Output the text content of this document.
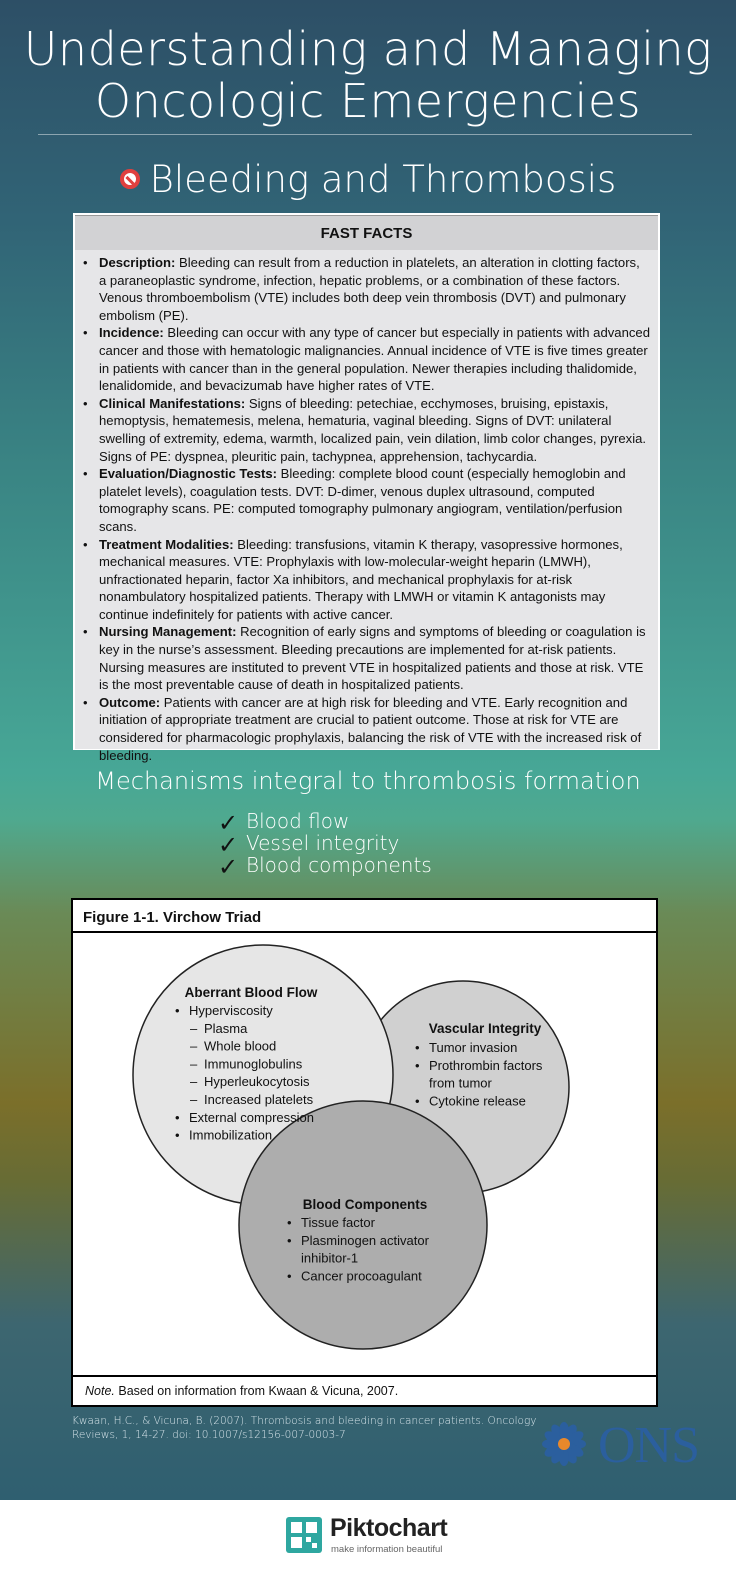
Understanding and Managing
Oncologic Emergencies
Bleeding and Thrombosis
FAST FACTS
• Description: Bleeding can result from a reduction in platelets, an alteration in clotting factors, a paraneoplastic syndrome, infection, hepatic problems, or a combination of these factors. Venous thromboembolism (VTE) includes both deep vein thrombosis (DVT) and pulmonary embolism (PE).
• Incidence: Bleeding can occur with any type of cancer but especially in patients with advanced cancer and those with hematologic malignancies. Annual incidence of VTE is five times greater in patients with cancer than in the general population. Newer therapies including thalidomide, lenalidomide, and bevacizumab have higher rates of VTE.
• Clinical Manifestations: Signs of bleeding: petechiae, ecchymoses, bruising, epistaxis, hemoptysis, hematemesis, melena, hematuria, vaginal bleeding. Signs of DVT: unilateral swelling of extremity, edema, warmth, localized pain, vein dilation, limb color changes, pyrexia. Signs of PE: dyspnea, pleuritic pain, tachypnea, apprehension, tachycardia.
• Evaluation/Diagnostic Tests: Bleeding: complete blood count (especially hemoglobin and platelet levels), coagulation tests. DVT: D-dimer, venous duplex ultrasound, computed tomography scans. PE: computed tomography pulmonary angiogram, ventilation/perfusion scans.
• Treatment Modalities: Bleeding: transfusions, vitamin K therapy, vasopressive hormones, mechanical measures. VTE: Prophylaxis with low-molecular-weight heparin (LMWH), unfractionated heparin, factor Xa inhibitors, and mechanical prophylaxis for at-risk nonambulatory hospitalized patients. Therapy with LMWH or vitamin K antagonists may continue indefinitely for patients with active cancer.
• Nursing Management: Recognition of early signs and symptoms of bleeding or coagulation is key in the nurse’s assessment. Bleeding precautions are implemented for at-risk patients. Nursing measures are instituted to prevent VTE in hospitalized patients and those at risk. VTE is the most preventable cause of death in hospitalized patients.
• Outcome: Patients with cancer are at high risk for bleeding and VTE. Early recognition and initiation of appropriate treatment are crucial to patient outcome. Those at risk for VTE are considered for pharmacologic prophylaxis, balancing the risk of VTE with the increased risk of bleeding.
Mechanisms integral to thrombosis formation
✓ Blood flow
✓ Vessel integrity
✓ Blood components
Aberrant Blood Flow
• Hyperviscosity
– Plasma
– Whole blood
– Immunoglobulins
– Hyperleukocytosis
– Increased platelets
• External compression
• Immobilization
Vascular Integrity
• Tumor invasion
• Prothrombin factors
from tumor
• Cytokine release
Blood Components
• Tissue factor
• Plasminogen activator
inhibitor-1
• Cancer procoagulant
Figure 1-1. Virchow Triad
Note. Based on information from Kwaan & Vicuna, 2007.
Kwaan, H.C., & Vicuna, B. (2007). Thrombosis and bleeding in cancer patients. Oncology
Reviews, 1, 14-27. doi: 10.1007/s12156-007-0003-7	ONS
Piktochart
make information beautiful
